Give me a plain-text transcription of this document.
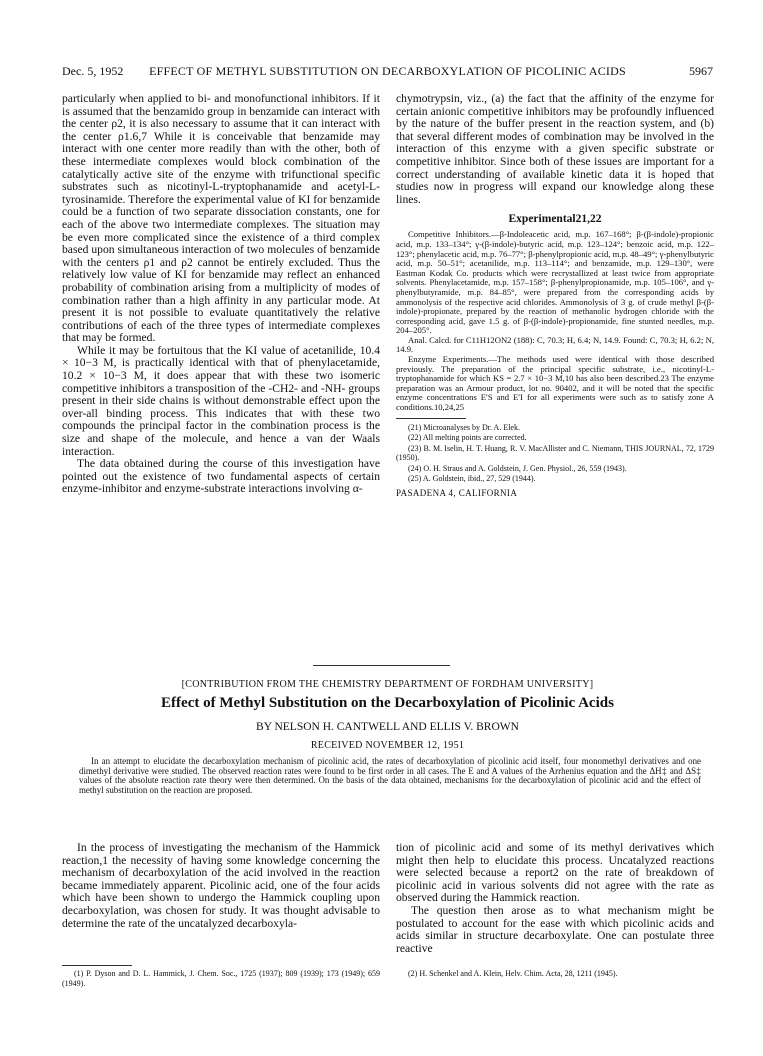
Dec. 5, 1952	EFFECT OF METHYL SUBSTITUTION ON DECARBOXYLATION OF PICOLINIC ACIDS	5967

particularly when applied to bi- and monofunctional inhibitors. If it is assumed that the benzamido group in benzamide can interact with the center ρ2, it is also necessary to assume that it can interact with the center ρ1.6,7 While it is conceivable that benzamide may interact with one center more readily than with the other, both of these intermediate complexes would block combination of the catalytically active site of the enzyme with trifunctional specific substrates such as nicotinyl-L-tryptophanamide and acetyl-L-tyrosinamide. Therefore the experimental value of KI for benzamide could be a function of two separate dissociation constants, one for each of the above two intermediate complexes. The situation may be even more complicated since the existence of a third complex based upon simultaneous interaction of two molecules of benzamide with the centers ρ1 and ρ2 cannot be entirely excluded. Thus the relatively low value of KI for benzamide may reflect an enhanced probability of combination arising from a multiplicity of modes of combination rather than a high affinity in any particular mode. At present it is not possible to evaluate quantitatively the relative contributions of each of the three types of intermediate complexes that may be formed.

While it may be fortuitous that the KI value of acetanilide, 10.4 × 10−3 M, is practically identical with that of phenylacetamide, 10.2 × 10−3 M, it does appear that with these two isomeric competitive inhibitors a transposition of the -CH2- and -NH- groups present in their side chains is without demonstrable effect upon the over-all binding process. This indicates that with these two compounds the principal factor in the combination process is the size and shape of the molecule, and hence a van der Waals interaction.

The data obtained during the course of this investigation have pointed out the existence of two fundamental aspects of certain enzyme-inhibitor and enzyme-substrate interactions involving α-

chymotrypsin, viz., (a) the fact that the affinity of the enzyme for certain anionic competitive inhibitors may be profoundly influenced by the nature of the buffer present in the reaction system, and (b) that several different modes of combination may be involved in the interaction of this enzyme with a given specific substrate or competitive inhibitor. Since both of these issues are important for a correct understanding of available kinetic data it is hoped that studies now in progress will expand our knowledge along these lines.

Experimental21,22

Competitive Inhibitors.—β-Indoleacetic acid, m.p. 167–168°; β-(β-indole)-propionic acid, m.p. 133–134°; γ-(β-indole)-butyric acid, m.p. 123–124°; benzoic acid, m.p. 122–123°; phenylacetic acid, m.p. 76–77°; β-phenylpropionic acid, m.p. 48–49°; γ-phenylbutyric acid, m.p. 50–51°; acetanilide, m.p. 113–114°; and benzamide, m.p. 129–130°, were Eastman Kodak Co. products which were recrystallized at least twice from appropriate solvents. Phenylacetamide, m.p. 157–158°; β-phenylpropionamide, m.p. 105–106°, and γ-phenylbutyramide, m.p. 84–85°, were prepared from the corresponding acids by ammonolysis of the respective acid chlorides. Ammonolysis of 3 g. of crude methyl β-(β-indole)-propionate, prepared by the reaction of methanolic hydrogen chloride with the corresponding acid, gave 1.5 g. of β-(β-indole)-propionamide, fine stunted needles, m.p. 204–205°.

Anal. Calcd. for C11H12ON2 (188): C, 70.3; H, 6.4; N, 14.9. Found: C, 70.3; H, 6.2; N, 14.9.

Enzyme Experiments.—The methods used were identical with those described previously. The preparation of the principal specific substrate, i.e., nicotinyl-L-tryptophanamide for which KS = 2.7 × 10−3 M,10 has also been described.23 The enzyme preparation was an Armour product, lot no. 90402, and it will be noted that the specific enzyme concentrations E′S and E′I for all experiments were such as to satisfy zone A conditions.10,24,25

(21) Microanalyses by Dr. A. Elek.

(22) All melting points are corrected.

(23) B. M. Iselin, H. T. Huang, R. V. MacAllister and C. Niemann, THIS JOURNAL, 72, 1729 (1950).

(24) O. H. Straus and A. Goldstein, J. Gen. Physiol., 26, 559 (1943).

(25) A. Goldstein, ibid., 27, 529 (1944).

PASADENA 4, CALIFORNIA
[CONTRIBUTION FROM THE CHEMISTRY DEPARTMENT OF FORDHAM UNIVERSITY]
Effect of Methyl Substitution on the Decarboxylation of Picolinic Acids
BY NELSON H. CANTWELL AND ELLIS V. BROWN
RECEIVED NOVEMBER 12, 1951

In an attempt to elucidate the decarboxylation mechanism of picolinic acid, the rates of decarboxylation of picolinic acid itself, four monomethyl derivatives and one dimethyl derivative were studied. The observed reaction rates were found to be first order in all cases. The E and A values of the Arrhenius equation and the ΔH‡ and ΔS‡ values of the absolute reaction rate theory were then determined. On the basis of the data obtained, mechanisms for the decarboxylation of picolinic acid and the effect of methyl substitution on the reaction are proposed.

In the process of investigating the mechanism of the Hammick reaction,1 the necessity of having some knowledge concerning the mechanism of decarboxylation of the acid involved in the reaction became immediately apparent. Picolinic acid, one of the four acids which have been shown to undergo the Hammick coupling upon decarboxylation, was chosen for study. It was thought advisable to determine the rate of the uncatalyzed decarboxyla-

tion of picolinic acid and some of its methyl derivatives which might then help to elucidate this process. Uncatalyzed reactions were selected because a report2 on the rate of breakdown of picolinic acid in various solvents did not agree with the rate as observed during the Hammick reaction.

The question then arose as to what mechanism might be postulated to account for the ease with which picolinic acids and acids similar in structure decarboxylate. One can postulate three reactive

(1) P. Dyson and D. L. Hammick, J. Chem. Soc., 1725 (1937); 809 (1939); 173 (1949); 659 (1949).
(2) H. Schenkel and A. Klein, Helv. Chim. Acta, 28, 1211 (1945).
